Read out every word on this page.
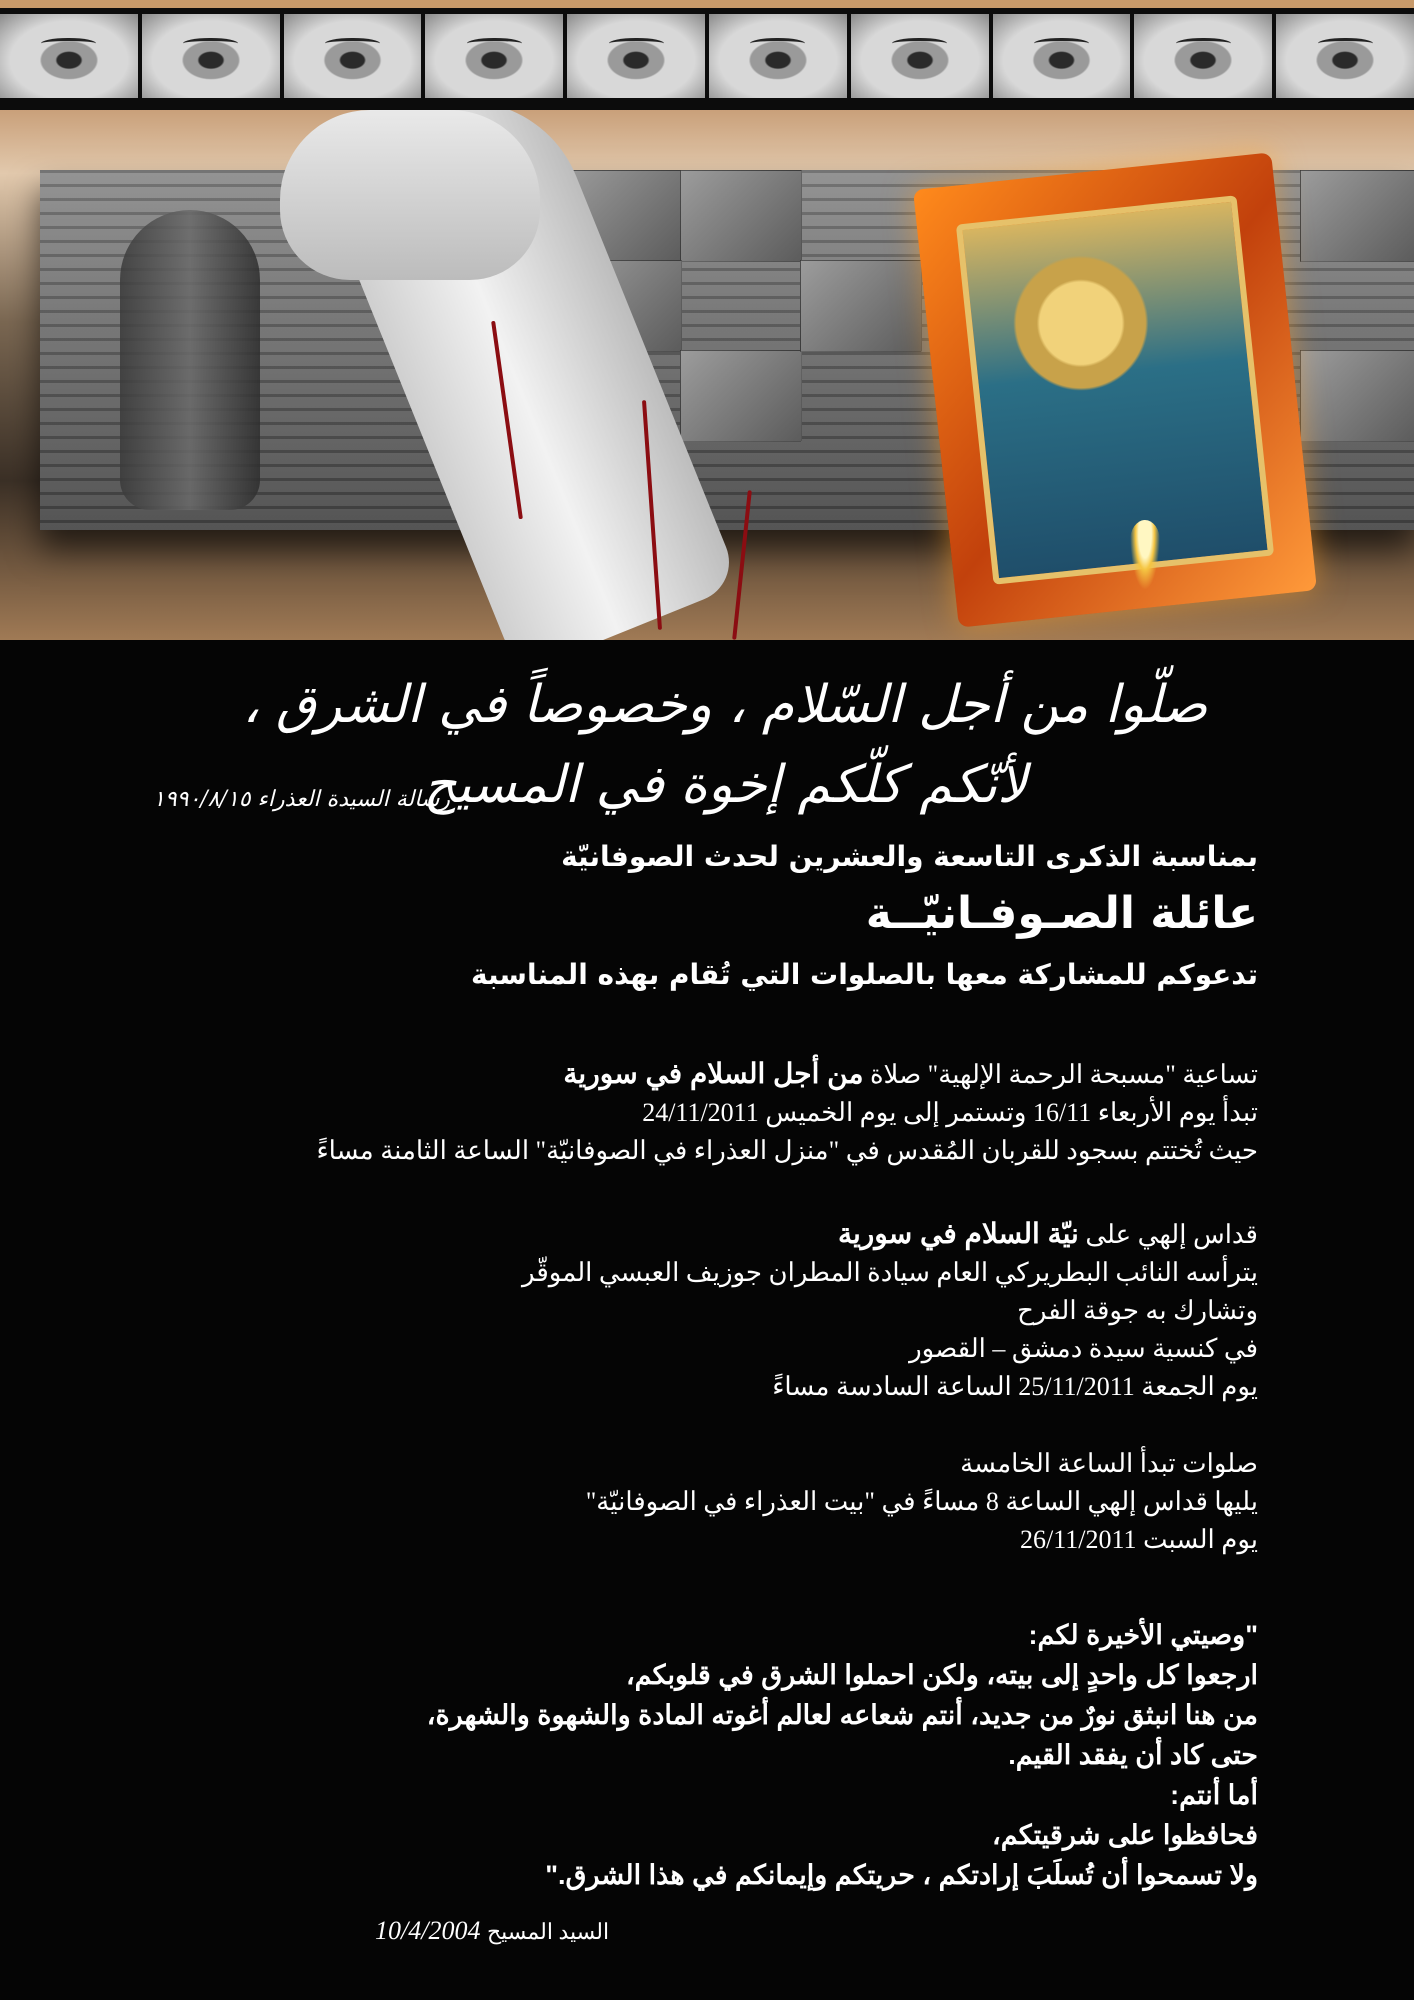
صلّوا من أجل السّلام ، وخصوصاً في الشرق ، لأنّكم كلّكم إخوة في المسيح
رسالة السيدة العذراء ١٩٩٠/٨/١٥
بمناسبة الذكرى التاسعة والعشرين لحدث الصوفانيّة
عائلة الصـوفـانيّــة
تدعوكم للمشاركة معها بالصلوات التي تُقام بهذه المناسبة

تساعية "مسبحة الرحمة الإلهية" صلاة من أجل السلام في سورية

تبدأ يوم الأربعاء 16/11 وتستمر إلى يوم الخميس 24/11/2011

حيث تُختتم بسجود للقربان المُقدس في "منزل العذراء في الصوفانيّة" الساعة الثامنة مساءً

قداس إلهي على نيّة السلام في سورية

يترأسه النائب البطريركي العام سيادة المطران جوزيف العبسي الموقّر

وتشارك به جوقة الفرح

في كنسية سيدة دمشق – القصور

يوم الجمعة 25/11/2011 الساعة السادسة مساءً

صلوات تبدأ الساعة الخامسة

يليها قداس إلهي الساعة 8 مساءً في "بيت العذراء في الصوفانيّة"

يوم السبت 26/11/2011

"وصيتي الأخيرة لكم:

ارجعوا كل واحدٍ إلى بيته، ولكن احملوا الشرق في قلوبكم،

من هنا انبثق نورٌ من جديد، أنتم شعاعه لعالم أغوته المادة والشهوة والشهرة،

حتى كاد أن يفقد القيم.

أما أنتم:

فحافظوا على شرقيتكم،

ولا تسمحوا أن تُسلَبَ إرادتكم ، حريتكم وإيمانكم في هذا الشرق."

10/4/2004 السيد المسيح
